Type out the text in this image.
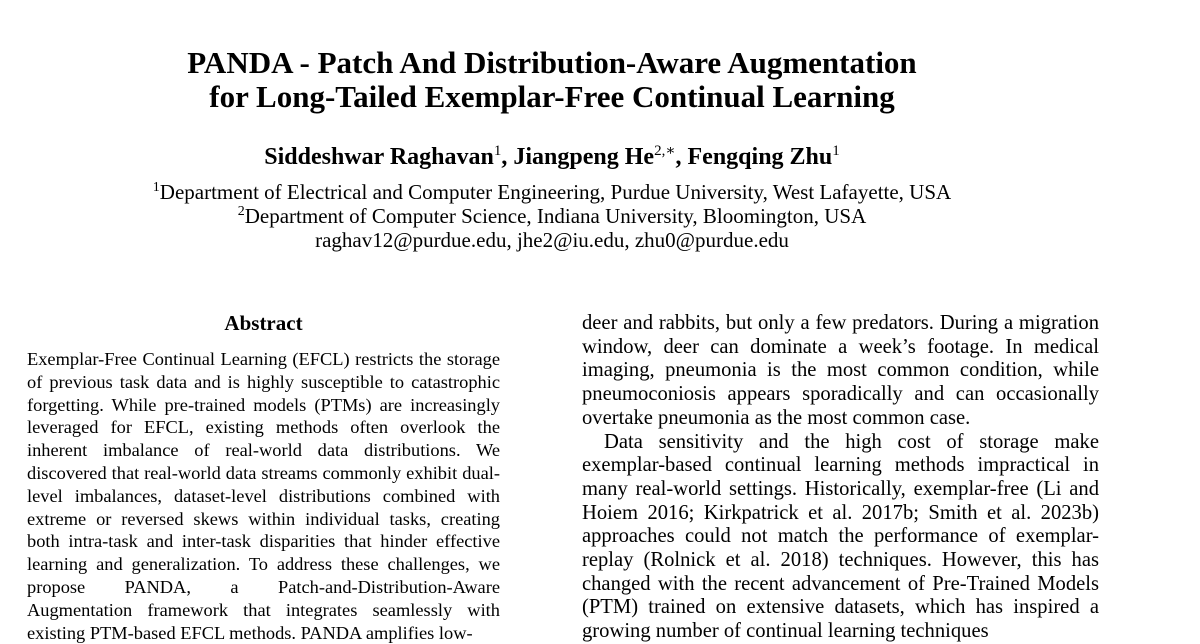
PANDA - Patch And Distribution-Aware Augmentation
for Long-Tailed Exemplar-Free Continual Learning
Siddeshwar Raghavan$^1$, Jiangpeng $He^{2,∗}$, Fengqing Zhu$^1$
$^1$Department of Electrical and Computer Engineering, Purdue University, West Lafayette, USA
$^2$Department of Computer Science, Indiana University, Bloomington, USA
raghav12@purdue.edu, jhe2@iu.edu, zhu0@purdue.edu
Abstract

Exemplar-Free Continual Learning (EFCL) restricts the storage of previous task data and is highly susceptible to catastrophic forgetting. While pre-trained models (PTMs) are increasingly leveraged for EFCL, existing methods often overlook the inherent imbalance of real-world data distributions. We discovered that real-world data streams commonly exhibit dual-level imbalances, dataset-level distributions combined with extreme or reversed skews within individual tasks, creating both intra-task and inter-task disparities that hinder effective learning and generalization. To address these challenges, we propose PANDA, a Patch-and-Distribution-Aware Augmentation framework that integrates seamlessly with existing PTM-based EFCL methods. PANDA amplifies low-

deer and rabbits, but only a few predators. During a migration window, deer can dominate a week’s footage. In medical imaging, pneumonia is the most common condition, while pneumoconiosis appears sporadically and can occasionally overtake pneumonia as the most common case.

Data sensitivity and the high cost of storage make exemplar-based continual learning methods impractical in many real-world settings. Historically, exemplar-free (Li and Hoiem 2016; Kirkpatrick et al. 2017b; Smith et al. 2023b) approaches could not match the performance of exemplar-replay (Rolnick et al. 2018) techniques. However, this has changed with the recent advancement of Pre-Trained Models (PTM) trained on extensive datasets, which has inspired a growing number of continual learning techniques
